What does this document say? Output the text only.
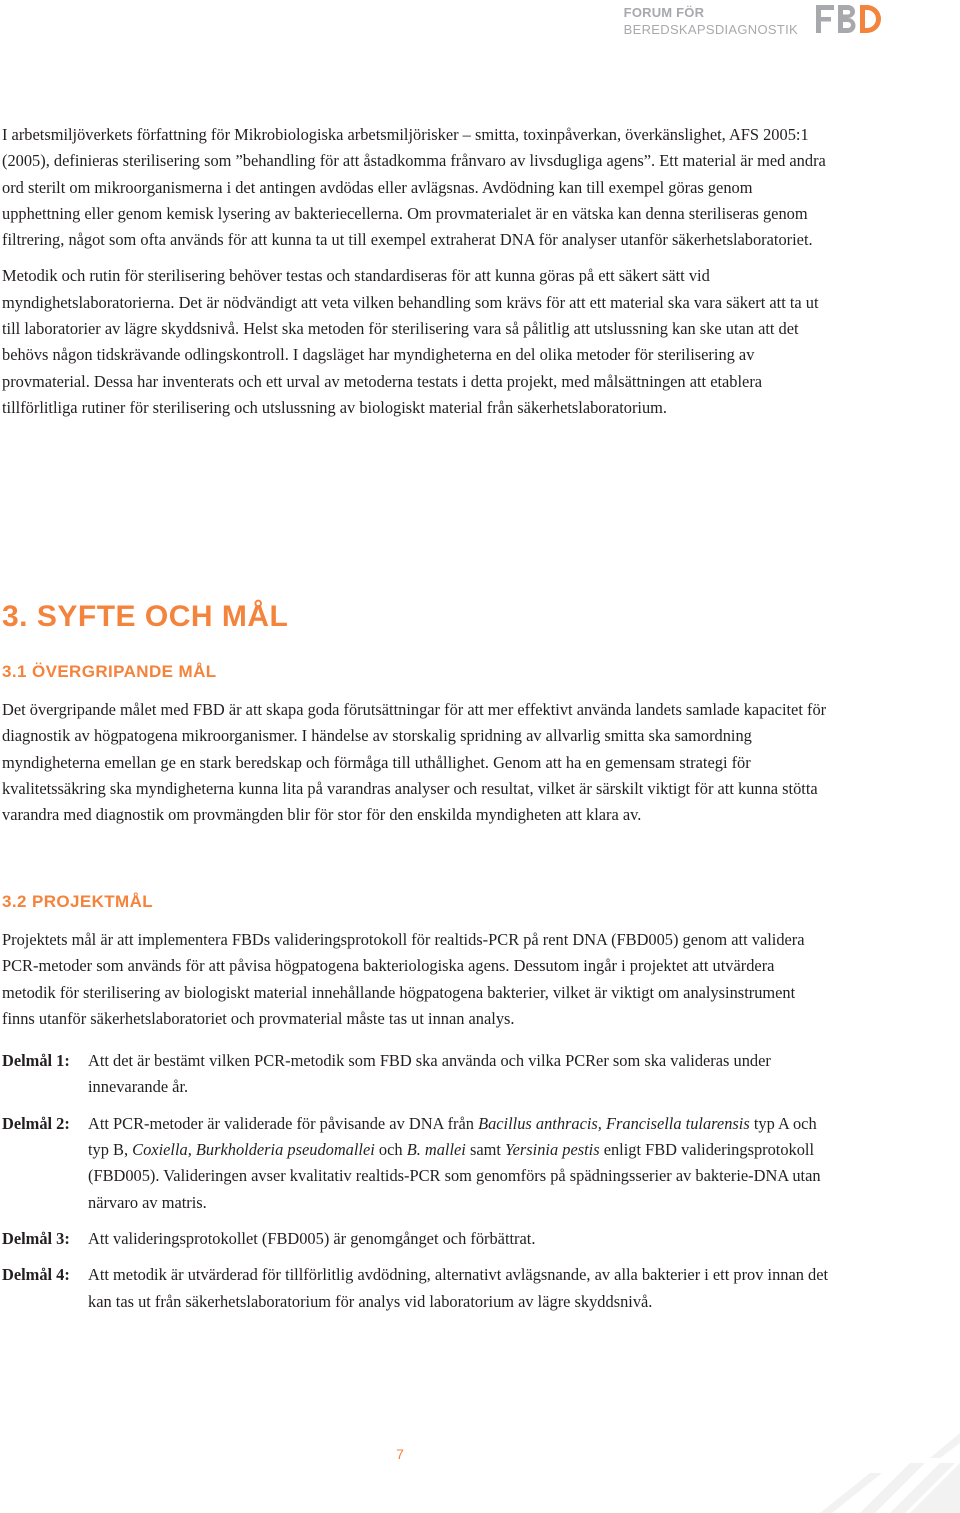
FORUM FÖR
BEREDSKAPSDIAGNOSTIK

I arbetsmiljöverkets författning för Mikrobiologiska arbetsmiljörisker – smitta, toxinpåverkan, överkänslighet, AFS 2005:1 (2005), definieras sterilisering som ”behandling för att åstadkomma frånvaro av livsdugliga agens”. Ett material är med andra ord sterilt om mikroorganismerna i det antingen avdödas eller avlägsnas. Avdödning kan till exempel göras genom upphettning eller genom kemisk lysering av bakteriecellerna. Om provmaterialet är en vätska kan denna steriliseras genom filtrering, något som ofta används för att kunna ta ut till exempel extraherat DNA för analyser utanför säkerhetslaboratoriet.

Metodik och rutin för sterilisering behöver testas och standardiseras för att kunna göras på ett säkert sätt vid myndighetslaboratorierna. Det är nödvändigt att veta vilken behandling som krävs för att ett material ska vara säkert att ta ut till laboratorier av lägre skyddsnivå. Helst ska metoden för sterilisering vara så pålitlig att utslussning kan ske utan att det behövs någon tidskrävande odlingskontroll. I dagsläget har myndigheterna en del olika metoder för sterilisering av provmaterial. Dessa har inventerats och ett urval av metoderna testats i detta projekt, med målsättningen att etablera tillförlitliga rutiner för sterilisering och utslussning av biologiskt material från säkerhetslaboratorium.

3. SYFTE OCH MÅL
3.1 ÖVERGRIPANDE MÅL

Det övergripande målet med FBD är att skapa goda förutsättningar för att mer effektivt använda landets samlade kapacitet för diagnostik av högpatogena mikroorganismer. I händelse av storskalig spridning av allvarlig smitta ska samordning myndigheterna emellan ge en stark beredskap och förmåga till uthållighet. Genom att ha en gemensam strategi för kvalitetssäkring ska myndigheterna kunna lita på varandras analyser och resultat, vilket är särskilt viktigt för att kunna stötta varandra med diagnostik om provmängden blir för stor för den enskilda myndigheten att klara av.

3.2 PROJEKTMÅL

Projektets mål är att implementera FBDs valideringsprotokoll för realtids-PCR på rent DNA (FBD005) genom att validera PCR-metoder som används för att påvisa högpatogena bakteriologiska agens. Dessutom ingår i projektet att utvärdera metodik för sterilisering av biologiskt material innehållande högpatogena bakterier, vilket är viktigt om analysinstrument finns utanför säkerhetslaboratoriet och provmaterial måste tas ut innan analys.

Delmål 1:	Att det är bestämt vilken PCR-metodik som FBD ska använda och vilka PCRer som ska valideras under innevarande år.
Delmål 2:	Att PCR-metoder är validerade för påvisande av DNA från Bacillus anthracis, Francisella tularensis typ A och typ B, Coxiella, Burkholderia pseudomallei och B. mallei samt Yersinia pestis enligt FBD valideringsprotokoll (FBD005). Valideringen avser kvalitativ realtids-PCR som genomförs på spädningsserier av bakterie-DNA utan närvaro av matris.
Delmål 3:	Att valideringsprotokollet (FBD005) är genomgånget och förbättrat.
Delmål 4:	Att metodik är utvärderad för tillförlitlig avdödning, alternativt avlägsnande, av alla bakterier i ett prov innan det kan tas ut från säkerhetslaboratorium för analys vid laboratorium av lägre skyddsnivå.
7
